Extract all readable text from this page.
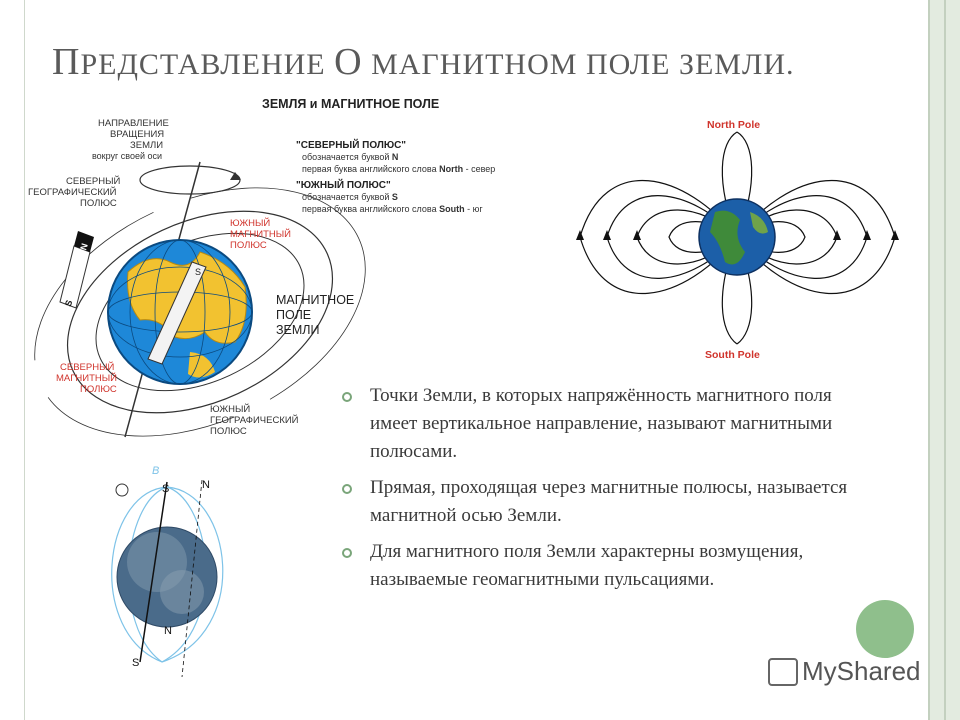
ПРЕДСТАВЛЕНИЕ О МАГНИТНОМ ПОЛЕ ЗЕМЛИ.
ЗЕМЛЯ и МАГНИТНОЕ ПОЛЕ
S
N
S
НАПРАВЛЕНИЕ
ВРАЩЕНИЯ
ЗЕМЛИ
вокруг своей оси
СЕВЕРНЫЙ
ГЕОГРАФИЧЕСКИЙ
ПОЛЮС
ЮЖНЫЙ
МАГНИТНЫЙ
ПОЛЮС
СЕВЕРНЫЙ
МАГНИТНЫЙ
ПОЛЮС
МАГНИТНОЕ
ПОЛЕ
ЗЕМЛИ
ЮЖНЫЙ
ГЕОГРАФИЧЕСКИЙ
ПОЛЮС
"СЕВЕРНЫЙ ПОЛЮС"
обозначается буквой N
первая буква английского слова North - север
"ЮЖНЫЙ ПОЛЮС"
обозначается буквой S
первая буква английского слова South - юг
North Pole
South Pole
S	N
N
S
B
Точки Земли, в которых напряжённость магнитного поля имеет вертикальное направление, называют магнитными полюсами.
Прямая, проходящая через магнитные полюсы, называется магнитной осью Земли.
Для магнитного поля Земли характерны возмущения, называемые геомагнитными пульсациями.
MyShared
